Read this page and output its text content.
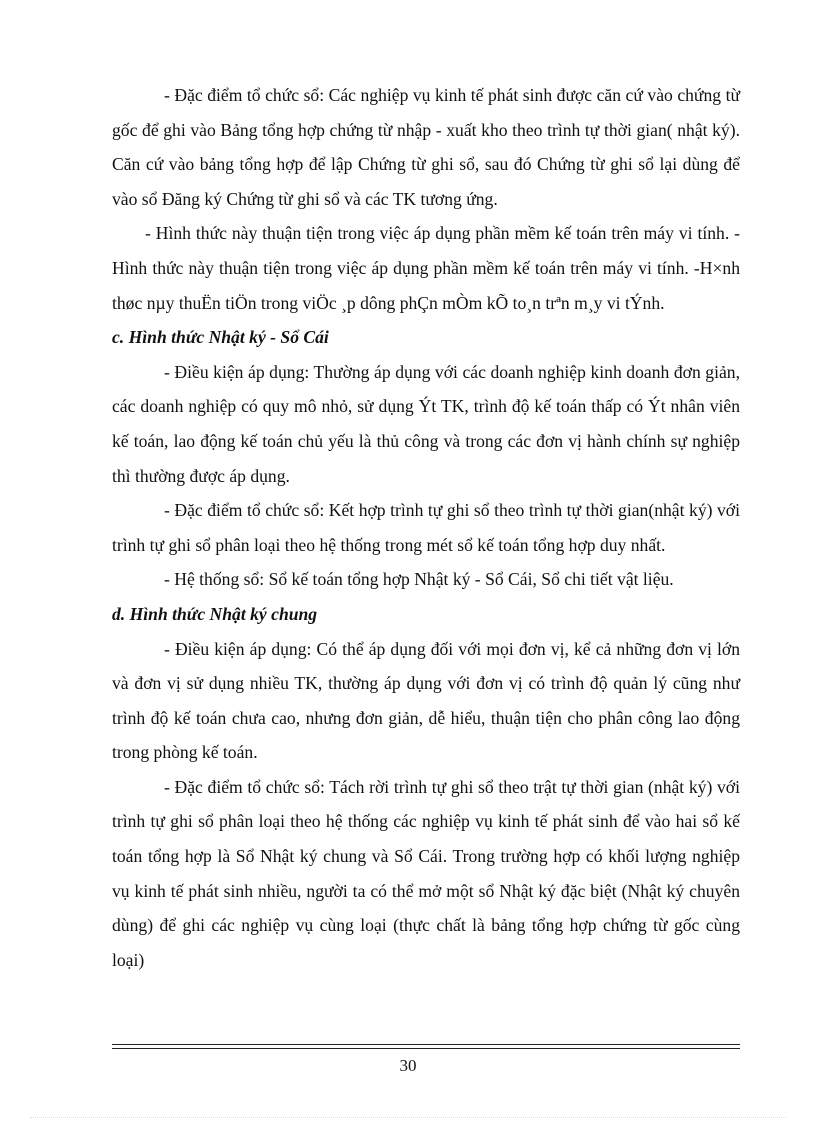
- Đặc điểm tổ chức sổ: Các nghiệp vụ kinh tế phát sinh được căn cứ vào chứng từ gốc để ghi vào Bảng tổng hợp chứng từ nhập - xuất kho theo trình tự thời gian( nhật ký). Căn cứ vào bảng tổng hợp để lập Chứng từ ghi sổ, sau đó Chứng từ ghi sổ lại dùng để vào sổ Đăng ký Chứng từ ghi sổ và các TK tương ứng.

- Hình thức này thuận tiện trong việc áp dụng phần mềm kế toán trên máy vi tính. - Hình thức này thuận tiện trong việc áp dụng phần mềm kế toán trên máy vi tính. -H×nh thøc nµy thuËn tiÖn trong viÖc ¸p dông phÇn mÒm kÕ to¸n trªn m¸y vi tÝnh.

c. Hình thức Nhật ký - Sổ Cái

- Điều kiện áp dụng: Thường áp dụng với các doanh nghiệp kinh doanh đơn giản, các doanh nghiệp có quy mô nhỏ, sử dụng Ýt TK, trình độ kế toán thấp có Ýt nhân viên kế toán, lao động kế toán chủ yếu là thủ công và trong các đơn vị hành chính sự nghiệp thì thường được áp dụng.

- Đặc điểm tổ chức sổ: Kết hợp trình tự ghi sổ theo trình tự thời gian(nhật ký) với trình tự ghi sổ phân loại theo hệ thống trong mét sổ kế toán tổng hợp duy nhất.

- Hệ thống sổ: Sổ kế toán tổng hợp Nhật ký - Sổ Cái, Sổ chi tiết vật liệu.

d. Hình thức Nhật ký chung

- Điều kiện áp dụng: Có thể áp dụng đối với mọi đơn vị, kể cả những đơn vị lớn và đơn vị sử dụng nhiều TK, thường áp dụng với đơn vị có trình độ quản lý cũng như trình độ kế toán chưa cao, nhưng đơn giản, dễ hiểu, thuận tiện cho phân công lao động trong phòng kế toán.

- Đặc điểm tổ chức sổ: Tách rời trình tự ghi sổ theo trật tự thời gian (nhật ký) với trình tự ghi sổ phân loại theo hệ thống các nghiệp vụ kinh tế phát sinh để vào hai sổ kế toán tổng hợp là Sổ Nhật ký chung và Sổ Cái. Trong trường hợp có khối lượng nghiệp vụ kinh tế phát sinh nhiều, người ta có thể mở một sổ Nhật ký đặc biệt (Nhật ký chuyên dùng) để ghi các nghiệp vụ cùng loại (thực chất là bảng tổng hợp chứng từ gốc cùng loại)

30
